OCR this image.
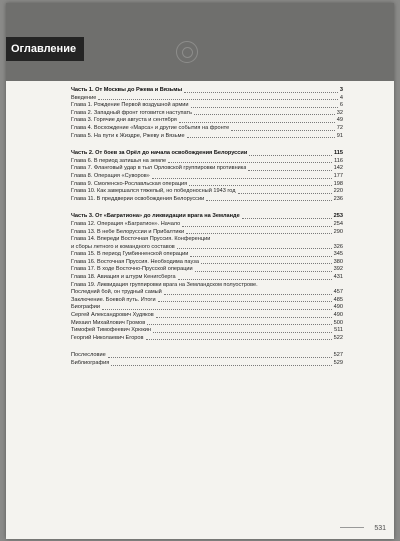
Оглавление
Часть 1. От Москвы до Ржева и Вязьмы	3
Введение	4
Глава 1. Рождение Первой воздушной армии	6
Глава 2. Западный фронт готовится наступать	32
Глава 3. Горячие дни августа и сентября	49
Глава 4. Восхождение «Марса» и другие события на фронте	72
Глава 5. На пути к Жиздре, Ржеву и Вязьме	91
Часть 2. От боев за Орёл до начала освобождения Белоруссии	115
Глава 6. В период затишья на земле	116
Глава 7. Фланговый удар в тыл Орловской группировки противника	142
Глава 8. Операция «Суворов»	177
Глава 9. Смоленско-Рославльская операция	198
Глава 10. Как завершался тяжелый, но победоносный 1943 год	220
Глава 11. В преддверии освобождения Белоруссии	236
Часть 3. От «Багратиона» до ликвидации врага на Земланде	253
Глава 12. Операция «Багратион». Начало	254
Глава 13. В небе Белоруссии и Прибалтики	290
Глава 14. Впереди Восточная Пруссия. Конференции
и сборы летного и командного составов	326
Глава 15. В период Гумбинненской операции	345
Глава 16. Восточная Пруссия. Необходима пауза	380
Глава 17. В ходе Восточно-Прусской операции	392
Глава 18. Авиация и штурм Кенигсберга	431
Глава 19. Ликвидация группировки врага на Земландском полуострове.
Последний бой, он трудный самый	457
Заключение. Боевой путь. Итоги	485
Биографии	490
Сергей Александрович Худяков	490
Михаил Михайлович Громов	500
Тимофей Тимофеевич Хрюкин	511
Георгий Николаевич Егоров	522
Послесловие	527
Библиография	529
531
